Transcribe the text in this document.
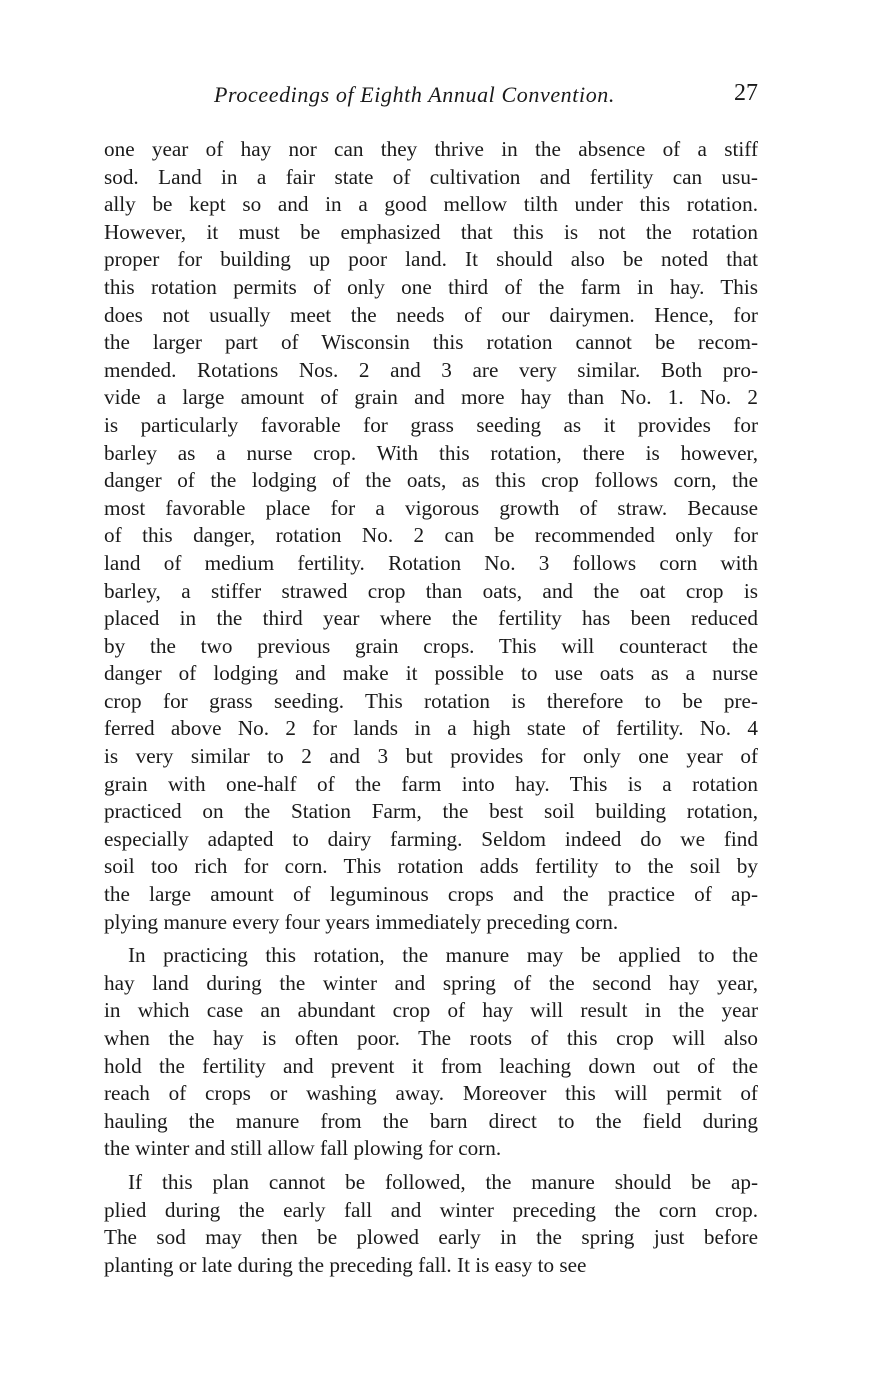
Proceedings of Eighth Annual Convention.	27
one year of hay nor can they thrive in the absence of a stiff
sod. Land in a fair state of cultivation and fertility can usu-
ally be kept so and in a good mellow tilth under this rotation.
However, it must be emphasized that this is not the rotation
proper for building up poor land. It should also be noted that
this rotation permits of only one third of the farm in hay. This
does not usually meet the needs of our dairymen. Hence, for
the larger part of Wisconsin this rotation cannot be recom-
mended. Rotations Nos. 2 and 3 are very similar. Both pro-
vide a large amount of grain and more hay than No. 1. No. 2
is particularly favorable for grass seeding as it provides for
barley as a nurse crop. With this rotation, there is however,
danger of the lodging of the oats, as this crop follows corn, the
most favorable place for a vigorous growth of straw. Because
of this danger, rotation No. 2 can be recommended only for
land of medium fertility. Rotation No. 3 follows corn with
barley, a stiffer strawed crop than oats, and the oat crop is
placed in the third year where the fertility has been reduced
by the two previous grain crops. This will counteract the
danger of lodging and make it possible to use oats as a nurse
crop for grass seeding. This rotation is therefore to be pre-
ferred above No. 2 for lands in a high state of fertility. No. 4
is very similar to 2 and 3 but provides for only one year of
grain with one-half of the farm into hay. This is a rotation
practiced on the Station Farm, the best soil building rotation,
especially adapted to dairy farming. Seldom indeed do we find
soil too rich for corn. This rotation adds fertility to the soil by
the large amount of leguminous crops and the practice of ap-
plying manure every four years immediately preceding corn.
In practicing this rotation, the manure may be applied to the
hay land during the winter and spring of the second hay year,
in which case an abundant crop of hay will result in the year
when the hay is often poor. The roots of this crop will also
hold the fertility and prevent it from leaching down out of the
reach of crops or washing away. Moreover this will permit of
hauling the manure from the barn direct to the field during
the winter and still allow fall plowing for corn.
If this plan cannot be followed, the manure should be ap-
plied during the early fall and winter preceding the corn crop.
The sod may then be plowed early in the spring just before
planting or late during the preceding fall. It is easy to see
